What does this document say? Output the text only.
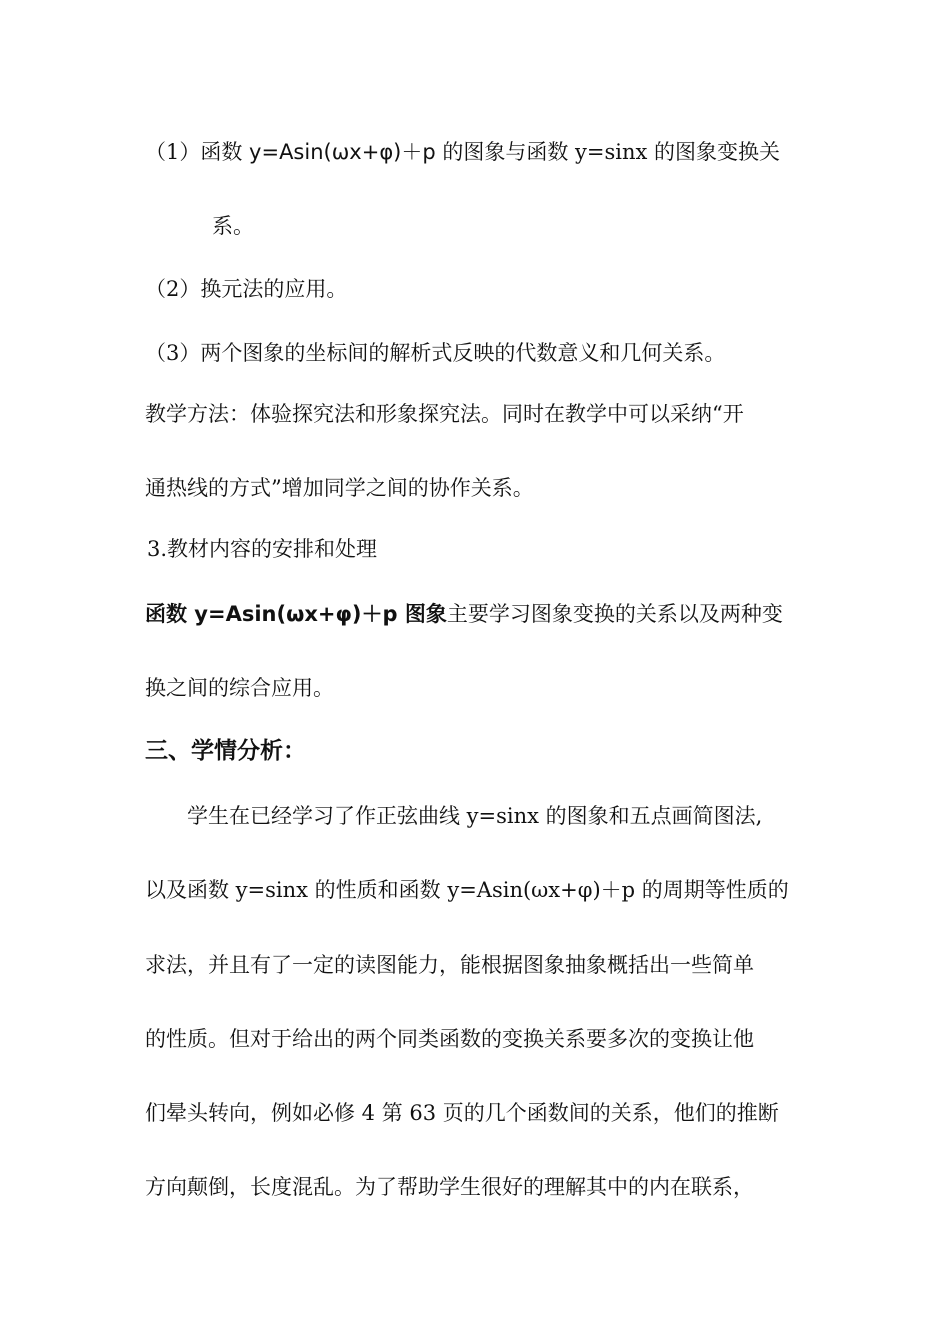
（1）函数 y=Asin(ωx+φ)＋p 的图象与函数 y=sinx 的图象变换关
系。
（2）换元法的应用。
（3）两个图象的坐标间的解析式反映的代数意义和几何关系。
教学方法：体验探究法和形象探究法。同时在教学中可以采纳“开
通热线的方式”增加同学之间的协作关系。
3.教材内容的安排和处理
函数 y=Asin(ωx+φ)＋p 图象主要学习图象变换的关系以及两种变
换之间的综合应用。
三、学情分析：
　　学生在已经学习了作正弦曲线 y=sinx 的图象和五点画简图法,
以及函数 y=sinx 的性质和函数 y=Asin(ωx+φ)＋p 的周期等性质的
求法，并且有了一定的读图能力，能根据图象抽象概括出一些简单
的性质。但对于给出的两个同类函数的变换关系要多次的变换让他
们晕头转向，例如必修 4 第 63 页的几个函数间的关系，他们的推断
方向颠倒，长度混乱。为了帮助学生很好的理解其中的内在联系，
